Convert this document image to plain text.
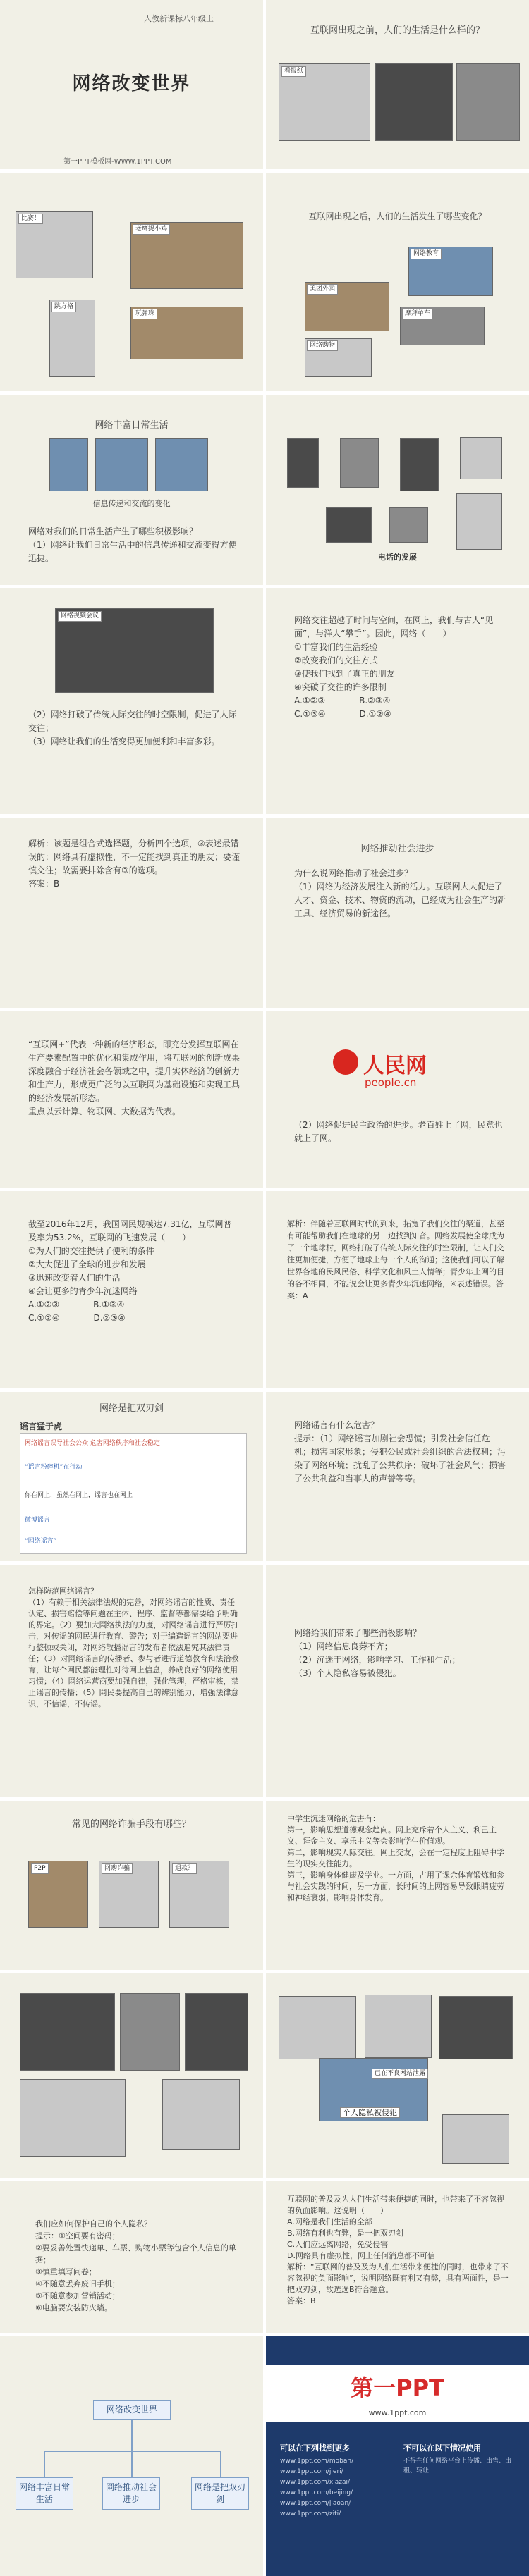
人教新课标八年级上
网络改变世界
第一PPT模板网-WWW.1PPT.COM
互联网出现之前，人们的生活是什么样的？
看报纸
比赛！
老鹰捉小鸡
跳方格
玩弹珠
互联网出现之后，人们的生活发生了哪些变化？
网络教育
美团外卖
摩拜单车
网络购物
网络丰富日常生活
信息传递和交流的变化
网络对我们的日常生活产生了哪些积极影响？
（1）网络让我们日常生活中的信息传递和交流变得方便迅捷。	电话的发展
网络视频会议
（2）网络打破了传统人际交往的时空限制，促进了人际交往；
（3）网络让我们的生活变得更加便利和丰富多彩。
网络交往超越了时间与空间，在网上，我们与古人“见面”，与洋人“攀手”。因此，网络（　　）
①丰富我们的生活经验
②改变我们的交往方式
③使我们找到了真正的朋友
④突破了交往的许多限制
A.①②③　　　　B.②③④
C.①③④　　　　D.①②④
解析：该题是组合式选择题，分析四个选项，③表述最错误的：网络具有虚拟性，不一定能找到真正的朋友；要谨慎交往；故需要排除含有③的选项。
答案：B
网络推动社会进步
为什么说网络推动了社会进步？
（1）网络为经济发展注入新的活力。互联网大大促进了人才、资金、技术、物资的流动，已经成为社会生产的新工具、经济贸易的新途径。
“互联网+”代表一种新的经济形态，即充分发挥互联网在生产要素配置中的优化和集成作用，将互联网的创新成果深度融合于经济社会各领域之中，提升实体经济的创新力和生产力，形成更广泛的以互联网为基础设施和实现工具的经济发展新形态。
重点以云计算、物联网、大数据为代表。
人民网
people.cn
（2）网络促进民主政治的进步。老百姓上了网，民意也就上了网。
截至2016年12月，我国网民规模达7.31亿，互联网普及率为53.2%，互联网的飞速发展（　　）
①为人们的交往提供了便利的条件
②大大促进了全球的进步和发展
③迅速改变着人们的生活
④会让更多的青少年沉迷网络
A.①②③　　　　B.①③④
C.①②④　　　　D.②③④
解析：伴随着互联网时代的到来，拓宽了我们交往的渠道，甚至有可能帮助我们在地球的另一边找到知音。网络发展使全球成为了一个地球村，网络打破了传统人际交往的时空限制，让人们交往更加便捷，方便了地球上每一个人的沟通；这使我们可以了解世界各地的民风民俗、科学文化和风土人情等；青少年上网的目的各不相同，不能说会让更多青少年沉迷网络，④表述错误。答案：A
网络是把双刃剑
谣言猛于虎
网络谣言误导社会公众 危害网络秩序和社会稳定
“谣言粉碎机”在行动
你在网上，虽然在网上，谣言也在网上
微博谣言
“网络谣言”
网络谣言有什么危害？
提示：（1）网络谣言加剧社会恐慌；引发社会信任危机；损害国家形象；侵犯公民或社会组织的合法权利；污染了网络环境；扰乱了公共秩序；破坏了社会风气；损害了公共利益和当事人的声誉等等。
怎样防范网络谣言？
（1）有赖于相关法律法规的完善，对网络谣言的性质、责任认定、损害赔偿等问题在主体、程序、监督等都需要给予明确的界定。（2）要加大网络执法的力度，对网络谣言进行严厉打击，对传谣的网民进行教育、警告；对于编造谣言的网站要进行整顿或关闭，对网络散播谣言的发布者依法追究其法律责任；（3）对网络谣言的传播者、参与者进行道德教育和法治教育，让每个网民都能理性对待网上信息，养成良好的网络使用习惯；（4）网络运营商要加强自律，强化管理，严格审核，禁止谣言的传播；（5）网民要提高自己的辨别能力，增强法律意识，不信谣，不传谣。
网络给我们带来了哪些消极影响？
（1）网络信息良莠不齐；
（2）沉迷于网络，影响学习、工作和生活；
（3）个人隐私容易被侵犯。
常见的网络诈骗手段有哪些？
P2P	网购诈骗	退款？
中学生沉迷网络的危害有：
第一，影响思想道德观念趋向。网上充斥着个人主义、利己主义、拜金主义、享乐主义等会影响学生价值观。
第二，影响现实人际交往。网上交友，会在一定程度上阻碍中学生的现实交往能力。
第三，影响身体健康及学业。一方面，占用了课余体育锻炼和参与社会实践的时间，另一方面，长时间的上网容易导致眼睛疲劳和神经衰弱，影响身体发育。
个人隐私被侵犯
已在不良网站泄露
我们应如何保护自己的个人隐私？
提示：①空间要有密码；
②要妥善处置快递单、车票、购物小票等包含个人信息的单据；
③慎重填写问卷；
④不随意丢弃废旧手机；
⑤不随意参加营销活动；
⑥电脑要安装防火墙。
互联网的普及及为人们生活带来便捷的同时，也带来了不容忽视的负面影响。这说明（　　）
A.网络是我们生活的全部
B.网络有利也有弊，是一把双刃剑
C.人们应远离网络，免受侵害
D.网络具有虚拟性，网上任何消息都不可信
解析：“互联网的普及及为人们生活带来便捷的同时，也带来了不容忽视的负面影响”，说明网络既有利又有弊，具有两面性，是一把双刃剑，故选选B符合题意。
答案：B
网络改变世界
网络丰富日常生活
网络推动社会进步
网络是把双刃剑
第一PPT
www.1ppt.com
可以在下列找到更多	不可以在以下情况使用
不得在任何网络平台上传播、出售、出租、转让
www.1ppt.com/moban/
www.1ppt.com/jieri/
www.1ppt.com/xiazai/
www.1ppt.com/beijing/
www.1ppt.com/jiaoan/
www.1ppt.com/ziti/
